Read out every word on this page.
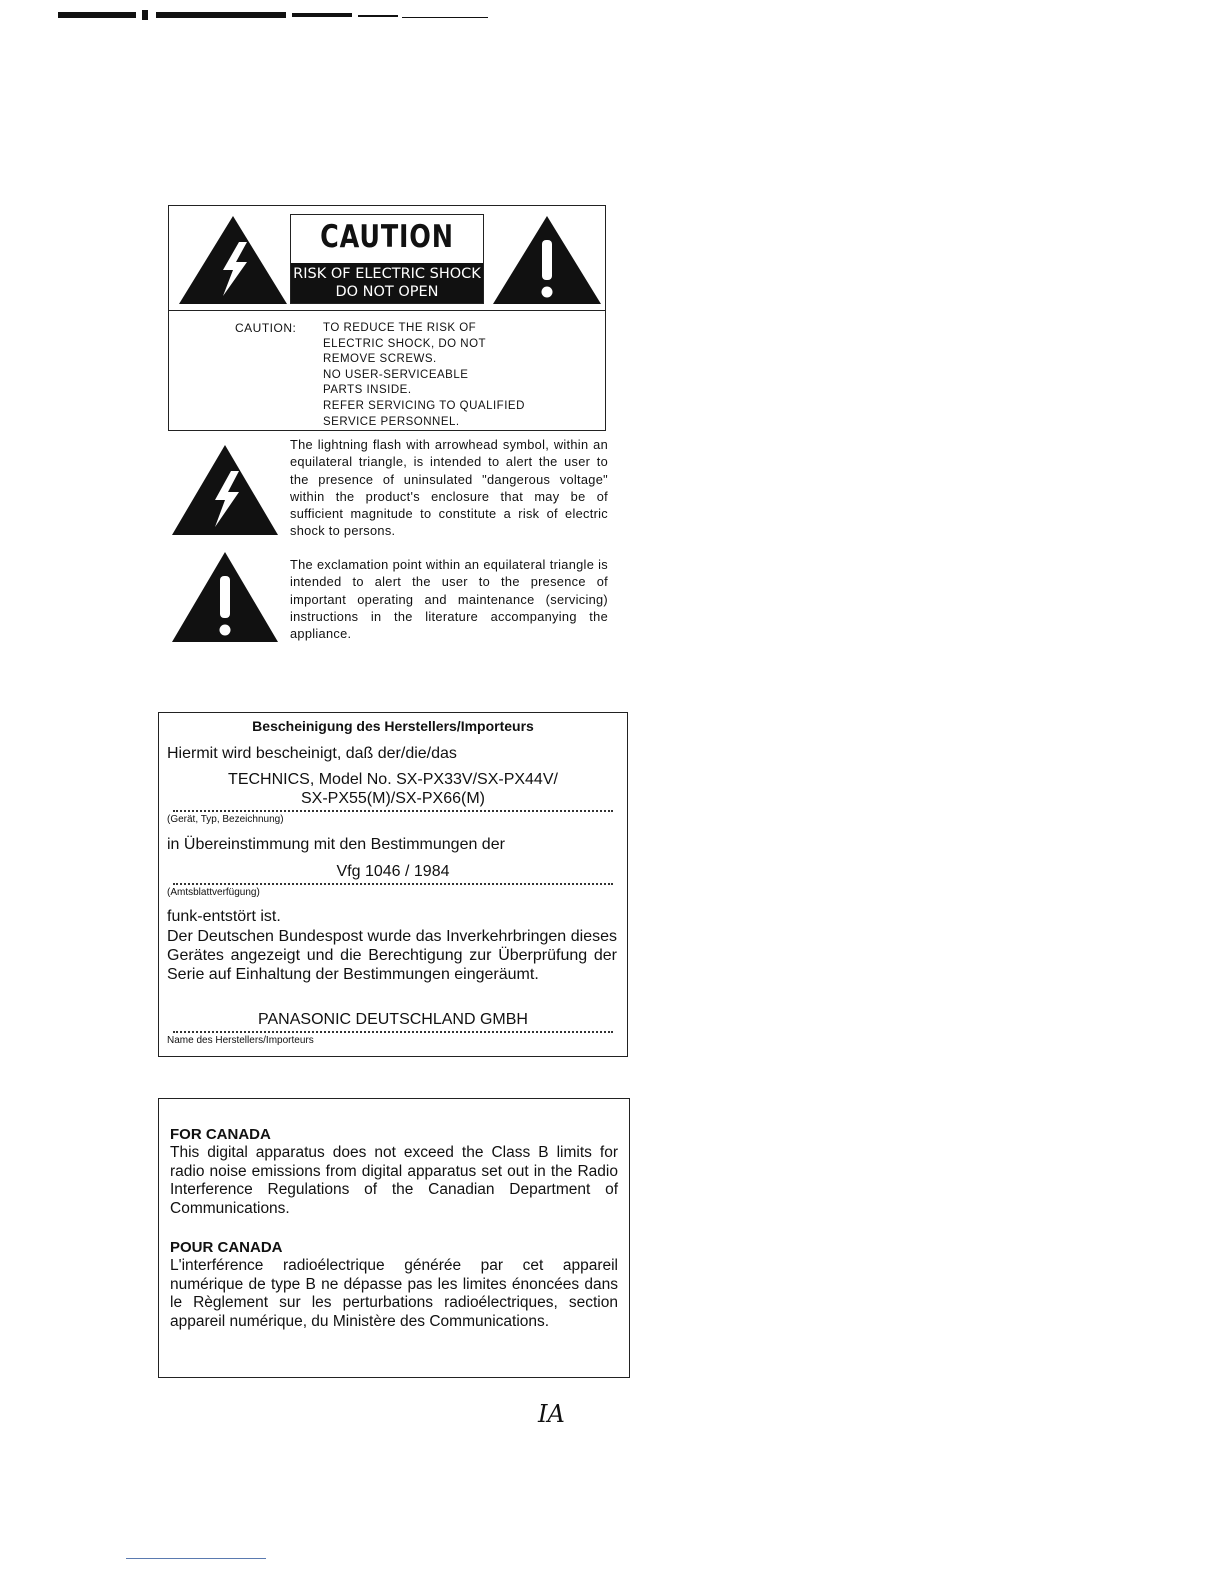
CAUTION
RISK OF ELECTRIC SHOCK
DO NOT OPEN
CAUTION: TO REDUCE THE RISK OF
ELECTRIC SHOCK, DO NOT
REMOVE SCREWS.
NO USER-SERVICEABLE
PARTS INSIDE.
REFER SERVICING TO QUALIFIED
SERVICE PERSONNEL.
The lightning flash with arrowhead symbol, within an equilateral triangle, is intended to alert the user to the presence of uninsulated "dangerous voltage" within the product's enclosure that may be of sufficient magnitude to constitute a risk of electric shock to persons.
The exclamation point within an equilateral triangle is intended to alert the user to the presence of important operating and maintenance (servicing) instructions in the literature accompanying the appliance.
Bescheinigung des Herstellers/Importeurs
Hiermit wird bescheinigt, daß der/die/das
TECHNICS, Model No. SX-PX33V/SX-PX44V/
SX-PX55(M)/SX-PX66(M)
(Gerät, Typ, Bezeichnung)
in Übereinstimmung mit den Bestimmungen der
Vfg 1046 / 1984
(Amtsblattverfügung)
funk-entstört ist.
Der Deutschen Bundespost wurde das Inverkehrbringen dieses Gerätes angezeigt und die Berechtigung zur Überprüfung der Serie auf Einhaltung der Bestimmungen eingeräumt.
PANASONIC DEUTSCHLAND GMBH
Name des Herstellers/Importeurs
FOR CANADA
This digital apparatus does not exceed the Class B limits for radio noise emissions from digital apparatus set out in the Radio Interference Regulations of the Canadian Department of Communications.
POUR CANADA
L'interférence radioélectrique générée par cet appareil numérique de type B ne dépasse pas les limites énoncées dans le Règlement sur les perturbations radioélectriques, section appareil numérique, du Ministère des Communications.
IA
